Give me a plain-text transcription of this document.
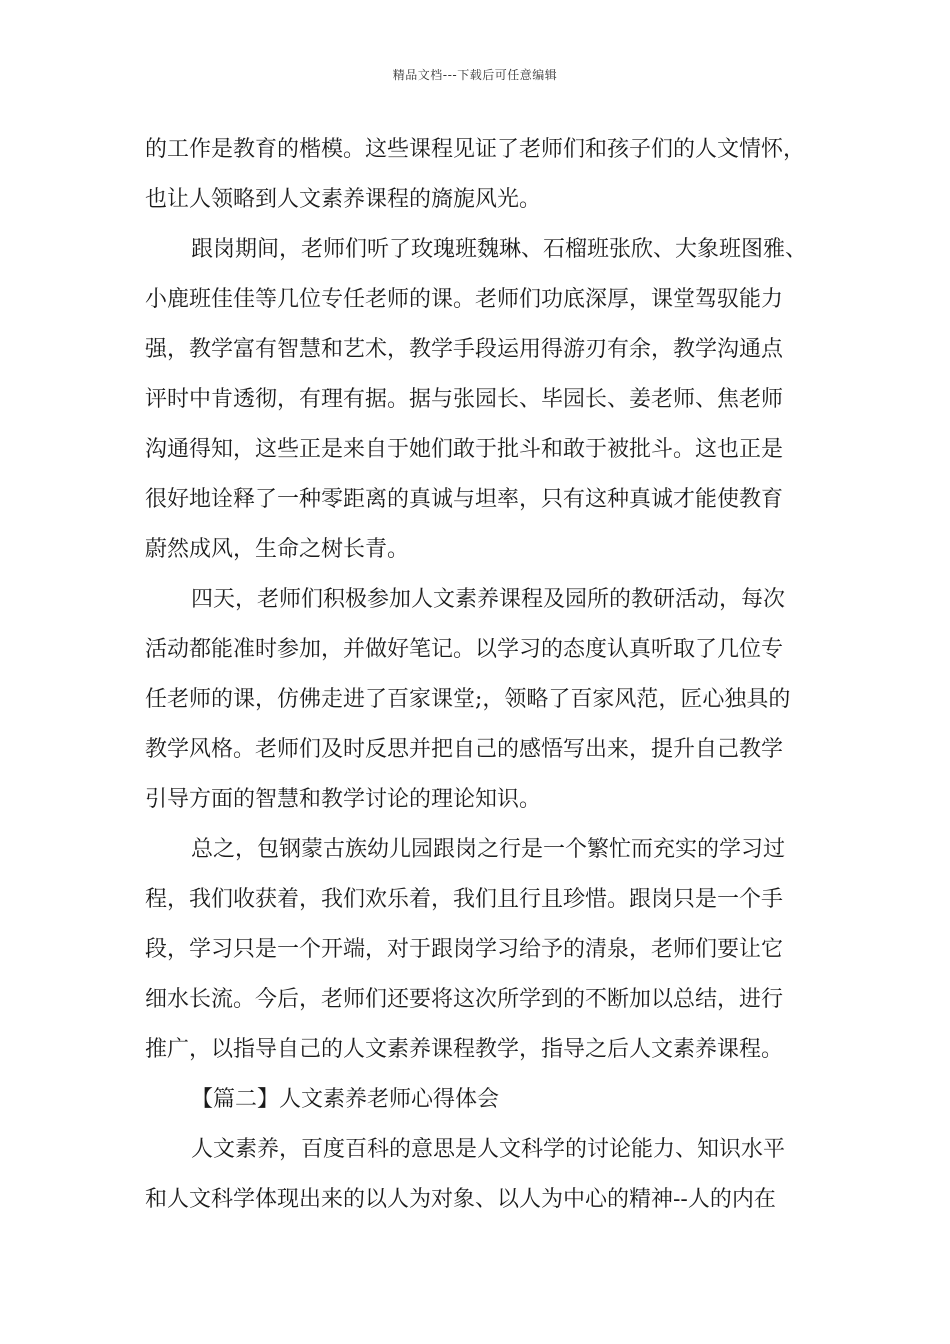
精品文档---下载后可任意编辑
的工作是教育的楷模。这些课程见证了老师们和孩子们的人文情怀，
也让人领略到人文素养课程的旖旎风光。
跟岗期间，老师们听了玫瑰班魏琳、石榴班张欣、大象班图雅、
小鹿班佳佳等几位专任老师的课。老师们功底深厚，课堂驾驭能力
强，教学富有智慧和艺术，教学手段运用得游刃有余，教学沟通点
评时中肯透彻，有理有据。据与张园长、毕园长、姜老师、焦老师
沟通得知，这些正是来自于她们敢于批斗和敢于被批斗。这也正是
很好地诠释了一种零距离的真诚与坦率，只有这种真诚才能使教育
蔚然成风，生命之树长青。
四天，老师们积极参加人文素养课程及园所的教研活动，每次
活动都能准时参加，并做好笔记。以学习的态度认真听取了几位专
任老师的课，仿佛走进了百家课堂;，领略了百家风范，匠心独具的
教学风格。老师们及时反思并把自己的感悟写出来，提升自己教学
引导方面的智慧和教学讨论的理论知识。
总之，包钢蒙古族幼儿园跟岗之行是一个繁忙而充实的学习过
程，我们收获着，我们欢乐着，我们且行且珍惜。跟岗只是一个手
段，学习只是一个开端，对于跟岗学习给予的清泉，老师们要让它
细水长流。今后，老师们还要将这次所学到的不断加以总结，进行
推广，以指导自己的人文素养课程教学，指导之后人文素养课程。
【篇二】人文素养老师心得体会
人文素养，百度百科的意思是人文科学的讨论能力、知识水平
和人文科学体现出来的以人为对象、以人为中心的精神--人的内在
